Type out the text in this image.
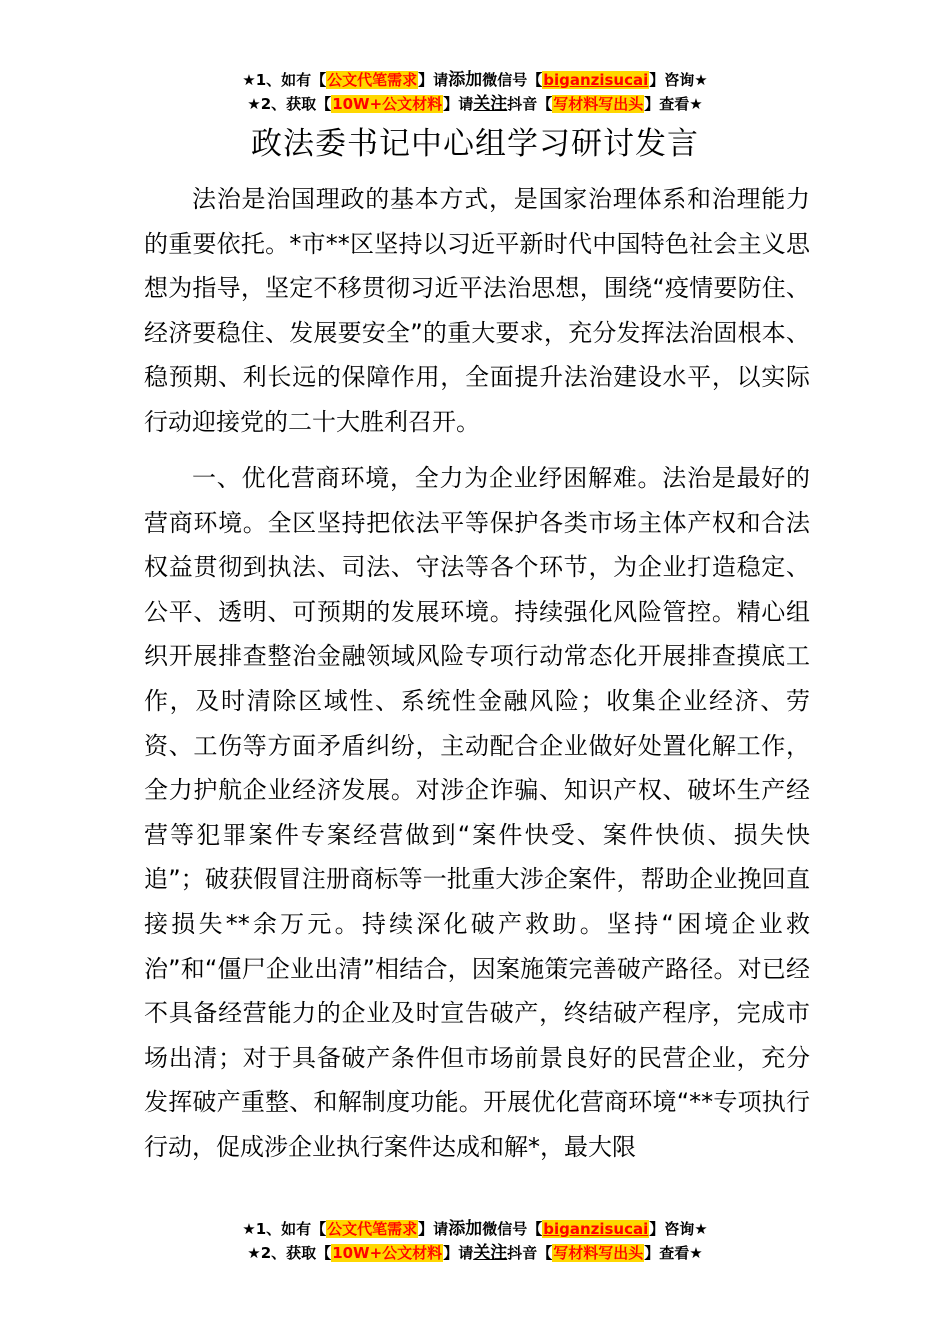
★1、如有【公文代笔需求】请添加微信号【biganzisucai】咨询★
★2、获取【10W+公文材料】请关注抖音【写材料写出头】查看★
政法委书记中心组学习研讨发言

法治是治国理政的基本方式，是国家治理体系和治理能力的重要依托。*市**区坚持以习近平新时代中国特色社会主义思想为指导，坚定不移贯彻习近平法治思想，围绕“疫情要防住、经济要稳住、发展要安全”的重大要求，充分发挥法治固根本、稳预期、利长远的保障作用，全面提升法治建设水平，以实际行动迎接党的二十大胜利召开。

一、优化营商环境，全力为企业纾困解难。法治是最好的营商环境。全区坚持把依法平等保护各类市场主体产权和合法权益贯彻到执法、司法、守法等各个环节，为企业打造稳定、公平、透明、可预期的发展环境。持续强化风险管控。精心组织开展排查整治金融领域风险专项行动常态化开展排查摸底工作，及时清除区域性、系统性金融风险；收集企业经济、劳资、工伤等方面矛盾纠纷，主动配合企业做好处置化解工作，全力护航企业经济发展。对涉企诈骗、知识产权、破坏生产经营等犯罪案件专案经营做到“案件快受、案件快侦、损失快追”；破获假冒注册商标等一批重大涉企案件，帮助企业挽回直接损失**余万元。持续深化破产救助。坚持“困境企业救治”和“僵尸企业出清”相结合，因案施策完善破产路径。对已经不具备经营能力的企业及时宣告破产，终结破产程序，完成市场出清；对于具备破产条件但市场前景良好的民营企业，充分发挥破产重整、和解制度功能。开展优化营商环境“**专项执行行动，促成涉企业执行案件达成和解*，最大限

★1、如有【公文代笔需求】请添加微信号【biganzisucai】咨询★
★2、获取【10W+公文材料】请关注抖音【写材料写出头】查看★
